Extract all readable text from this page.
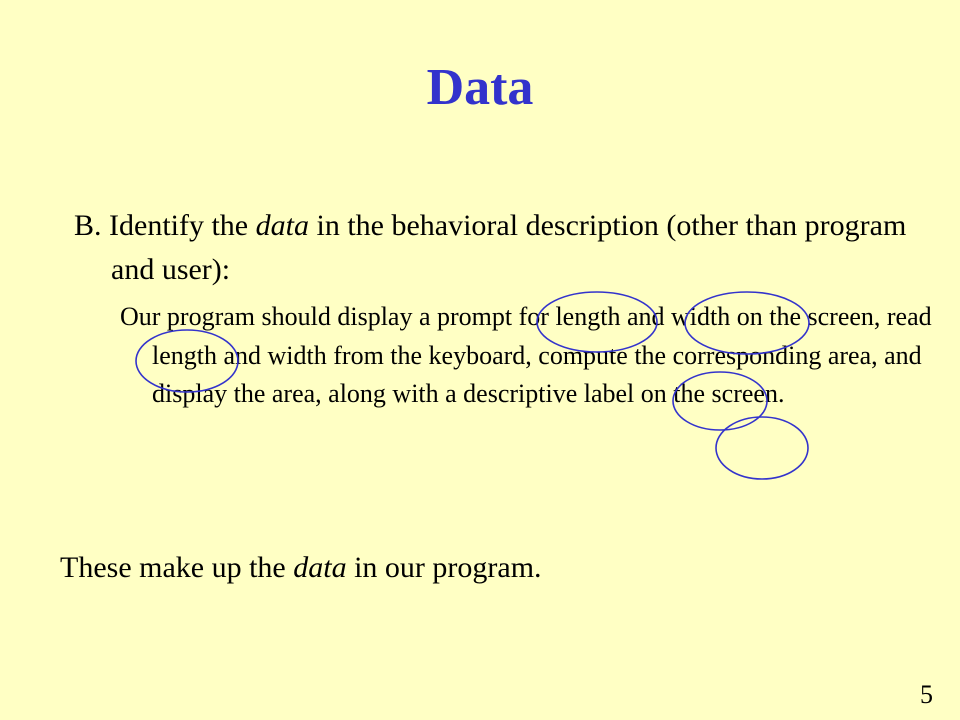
Data
B. Identify the data in the behavioral description (other than program and user):
Our program should display a prompt for length and width on the screen, read length and width from the keyboard, compute the corresponding area, and display the area, along with a descriptive label on the screen.
These make up the data in our program.
5
